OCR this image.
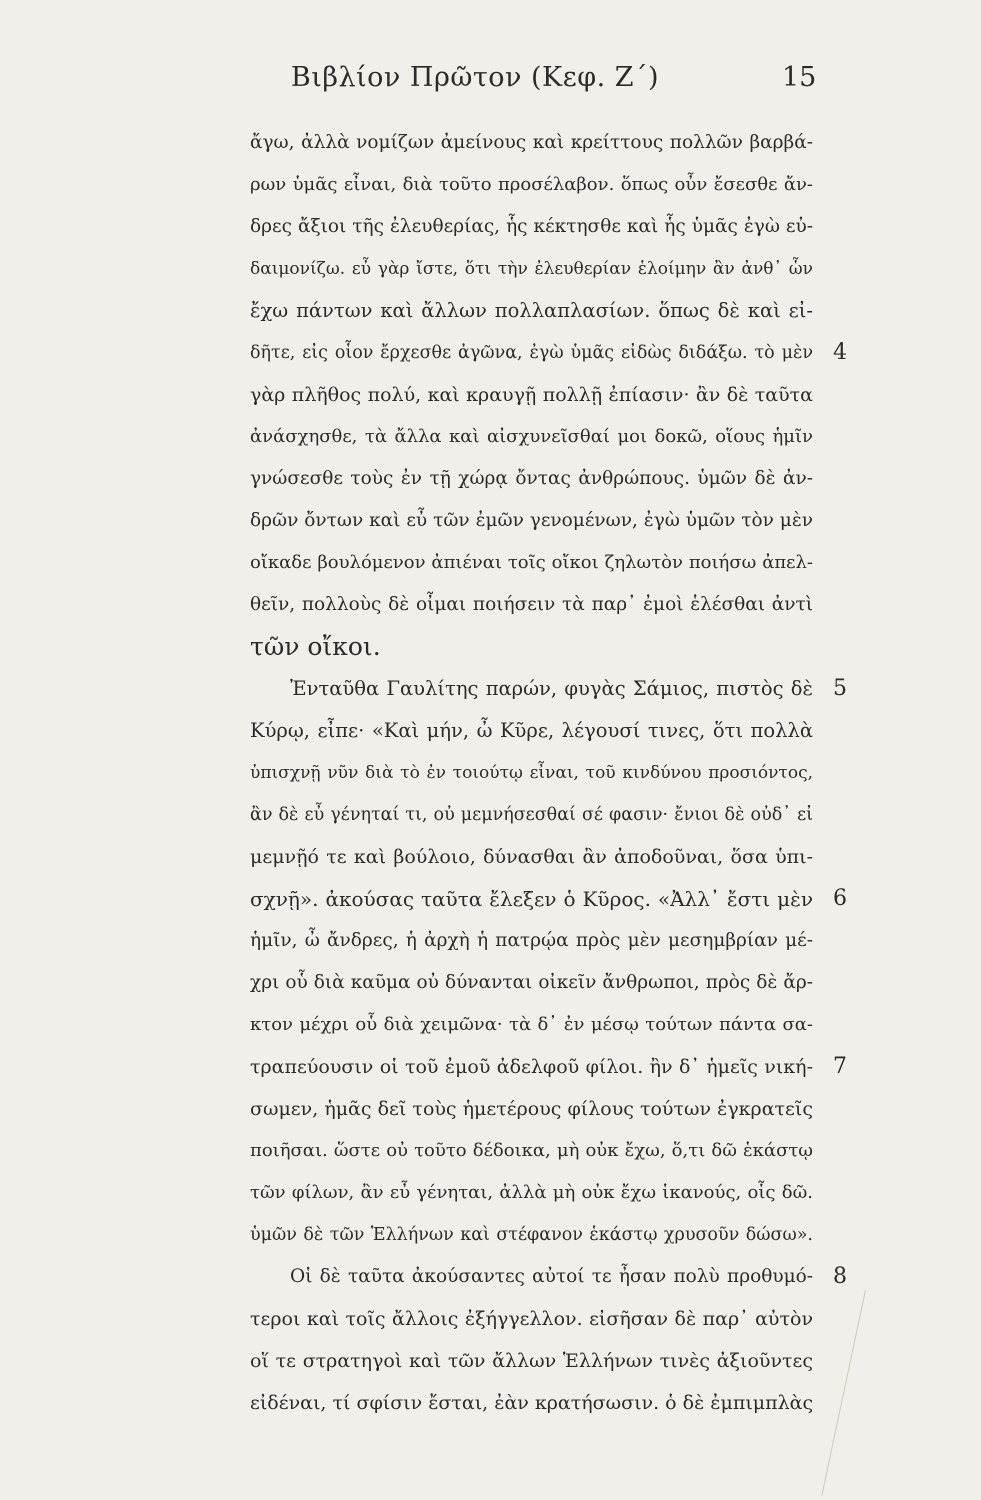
Βιβλίον Πρῶτον (Κεφ. Ζ΄)	15
ἄγω, ἀλλὰ νομίζων ἀμείνους καὶ κρείττους πολλῶν βαρβά-
ρων ὑμᾶς εἶναι, διὰ τοῦτο προσέλαβον. ὅπως οὖν ἔσεσθε ἄν-
δρες ἄξιοι τῆς ἐλευθερίας, ἧς κέκτησθε καὶ ἧς ὑμᾶς ἐγὼ εὐ-
δαιμονίζω. εὖ γὰρ ἴστε, ὅτι τὴν ἐλευθερίαν ἑλοίμην ἂν ἀνθ᾽ ὧν
ἔχω πάντων καὶ ἄλλων πολλαπλασίων. ὅπως δὲ καὶ εἰ-
δῆτε, εἰς οἷον ἔρχεσθε ἀγῶνα, ἐγὼ ὑμᾶς εἰδὼς διδάξω. τὸ μὲν
γὰρ πλῆθος πολύ, καὶ κραυγῇ πολλῇ ἐπίασιν· ἂν δὲ ταῦτα
ἀνάσχησθε, τὰ ἄλλα καὶ αἰσχυνεῖσθαί μοι δοκῶ, οἵους ἡμῖν
γνώσεσθε τοὺς ἐν τῇ χώρᾳ ὄντας ἀνθρώπους. ὑμῶν δὲ ἀν-
δρῶν ὄντων καὶ εὖ τῶν ἐμῶν γενομένων, ἐγὼ ὑμῶν τὸν μὲν
οἴκαδε βουλόμενον ἀπιέναι τοῖς οἴκοι ζηλωτὸν ποιήσω ἀπελ-
θεῖν, πολλοὺς δὲ οἶμαι ποιήσειν τὰ παρ᾽ ἐμοὶ ἑλέσθαι ἀντὶ
τῶν οἴκοι.
Ἐνταῦθα Γαυλίτης παρών, φυγὰς Σάμιος, πιστὸς δὲ
Κύρῳ, εἶπε· «Καὶ μήν, ὦ Κῦρε, λέγουσί τινες, ὅτι πολλὰ
ὑπισχνῇ νῦν διὰ τὸ ἐν τοιούτῳ εἶναι, τοῦ κινδύνου προσιόντος,
ἂν δὲ εὖ γένηταί τι, οὐ μεμνήσεσθαί σέ φασιν· ἔνιοι δὲ οὐδ᾽ εἰ
μεμνῇό τε καὶ βούλοιο, δύνασθαι ἂν ἀποδοῦναι, ὅσα ὑπι-
σχνῇ». ἀκούσας ταῦτα ἔλεξεν ὁ Κῦρος. «Ἀλλ᾽ ἔστι μὲν
ἡμῖν, ὦ ἄνδρες, ἡ ἀρχὴ ἡ πατρῴα πρὸς μὲν μεσημβρίαν μέ-
χρι οὗ διὰ καῦμα οὐ δύνανται οἰκεῖν ἄνθρωποι, πρὸς δὲ ἄρ-
κτον μέχρι οὗ διὰ χειμῶνα· τὰ δ᾽ ἐν μέσῳ τούτων πάντα σα-
τραπεύουσιν οἱ τοῦ ἐμοῦ ἀδελφοῦ φίλοι. ἢν δ᾽ ἡμεῖς νική-
σωμεν, ἡμᾶς δεῖ τοὺς ἡμετέρους φίλους τούτων ἐγκρατεῖς
ποιῆσαι. ὥστε οὐ τοῦτο δέδοικα, μὴ οὐκ ἔχω, ὅ,τι δῶ ἑκάστῳ
τῶν φίλων, ἂν εὖ γένηται, ἀλλὰ μὴ οὐκ ἔχω ἱκανούς, οἷς δῶ.
ὑμῶν δὲ τῶν Ἑλλήνων καὶ στέφανον ἑκάστῳ χρυσοῦν δώσω».
Οἱ δὲ ταῦτα ἀκούσαντες αὐτοί τε ἦσαν πολὺ προθυμό-
τεροι καὶ τοῖς ἄλλοις ἐξήγγελλον. εἰσῆσαν δὲ παρ᾽ αὐτὸν
οἵ τε στρατηγοὶ καὶ τῶν ἄλλων Ἑλλήνων τινὲς ἀξιοῦντες
εἰδέναι, τί σφίσιν ἔσται, ἐὰν κρατήσωσιν. ὁ δὲ ἐμπιμπλὰς
4
5
6
7
8
